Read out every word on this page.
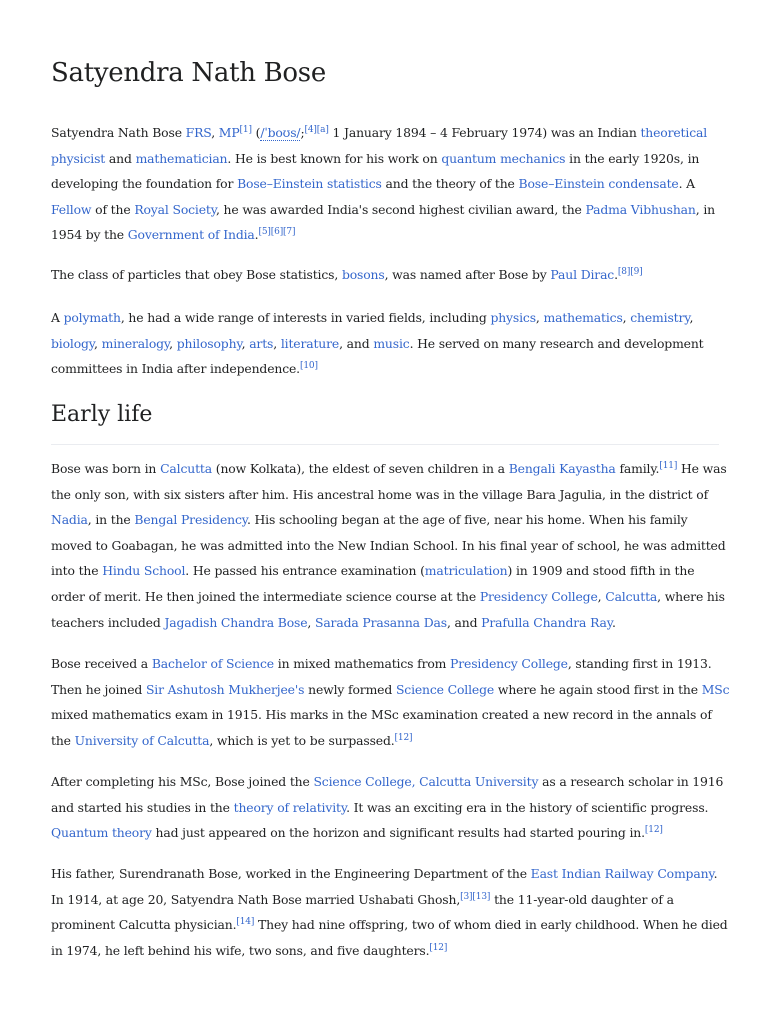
Satyendra Nath Bose

Satyendra Nath Bose FRS, MP[1] (/ˈboʊs/;[4][a] 1 January 1894 – 4 February 1974) was an Indian theoretical physicist and mathematician. He is best known for his work on quantum mechanics in the early 1920s, in developing the foundation for Bose–Einstein statistics and the theory of the Bose–Einstein condensate. A Fellow of the Royal Society, he was awarded India's second highest civilian award, the Padma Vibhushan, in 1954 by the Government of India.[5][6][7]

The class of particles that obey Bose statistics, bosons, was named after Bose by Paul Dirac.[8][9]

A polymath, he had a wide range of interests in varied fields, including physics, mathematics, chemistry, biology, mineralogy, philosophy, arts, literature, and music. He served on many research and development committees in India after independence.[10]

Early life

Bose was born in Calcutta (now Kolkata), the eldest of seven children in a Bengali Kayastha family.[11] He was the only son, with six sisters after him. His ancestral home was in the village Bara Jagulia, in the district of Nadia, in the Bengal Presidency. His schooling began at the age of five, near his home. When his family moved to Goabagan, he was admitted into the New Indian School. In his final year of school, he was admitted into the Hindu School. He passed his entrance examination (matriculation) in 1909 and stood fifth in the order of merit. He then joined the intermediate science course at the Presidency College, Calcutta, where his teachers included Jagadish Chandra Bose, Sarada Prasanna Das, and Prafulla Chandra Ray.

Bose received a Bachelor of Science in mixed mathematics from Presidency College, standing first in 1913. Then he joined Sir Ashutosh Mukherjee's newly formed Science College where he again stood first in the MSc mixed mathematics exam in 1915. His marks in the MSc examination created a new record in the annals of the University of Calcutta, which is yet to be surpassed.[12]

After completing his MSc, Bose joined the Science College, Calcutta University as a research scholar in 1916 and started his studies in the theory of relativity. It was an exciting era in the history of scientific progress. Quantum theory had just appeared on the horizon and significant results had started pouring in.[12]

His father, Surendranath Bose, worked in the Engineering Department of the East Indian Railway Company. In 1914, at age 20, Satyendra Nath Bose married Ushabati Ghosh,[3][13] the 11-year-old daughter of a prominent Calcutta physician.[14] They had nine offspring, two of whom died in early childhood. When he died in 1974, he left behind his wife, two sons, and five daughters.[12]
